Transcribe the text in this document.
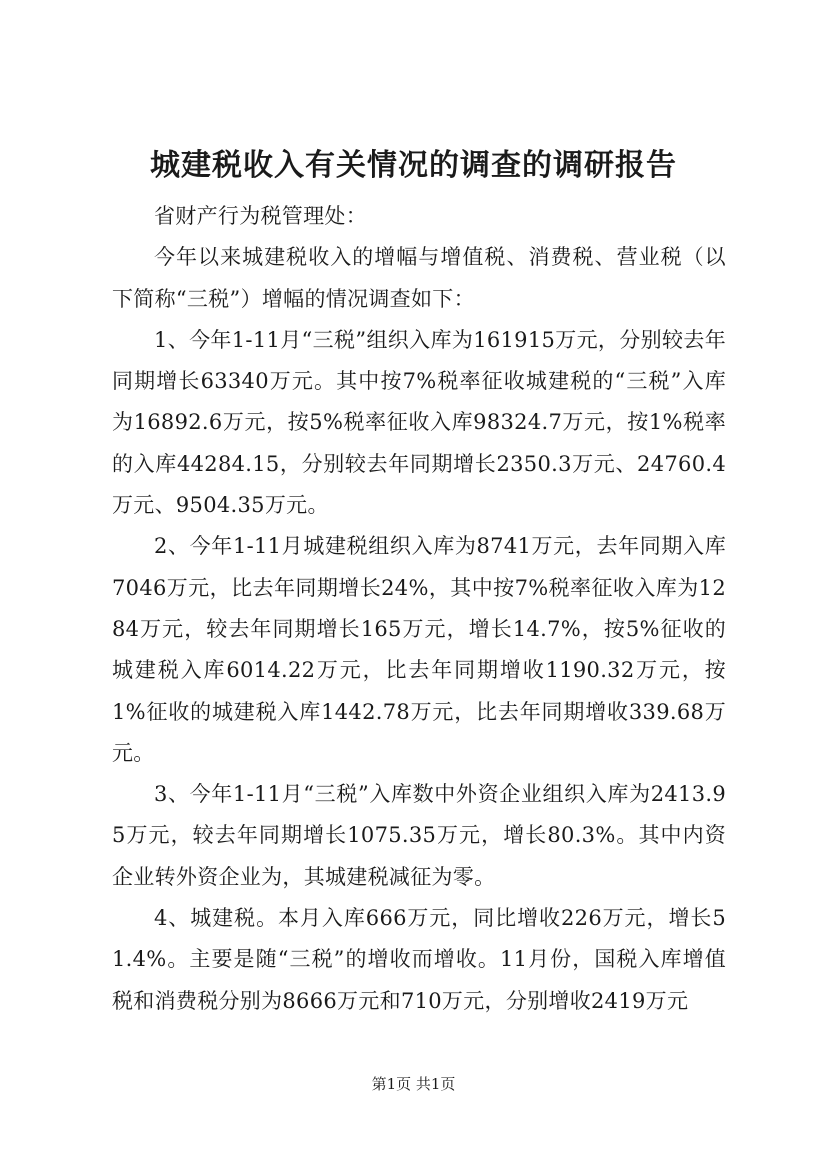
城建税收入有关情况的调查的调研报告

省财产行为税管理处：

今年以来城建税收入的增幅与增值税、消费税、营业税（以下简称“三税”）增幅的情况调查如下：

1、今年1-11月“三税”组织入库为161915万元，分别较去年同期增长63340万元。其中按7%税率征收城建税的“三税”入库为16892.6万元，按5%税率征收入库98324.7万元，按1%税率的入库44284.15，分别较去年同期增长2350.3万元、24760.4万元、9504.35万元。

2、今年1-11月城建税组织入库为8741万元，去年同期入库7046万元，比去年同期增长24%，其中按7%税率征收入库为1284万元，较去年同期增长165万元，增长14.7%，按5%征收的城建税入库6014.22万元，比去年同期增收1190.32万元，按1%征收的城建税入库1442.78万元，比去年同期增收339.68万元。

3、今年1-11月“三税”入库数中外资企业组织入库为2413.95万元，较去年同期增长1075.35万元，增长80.3%。其中内资企业转外资企业为，其城建税减征为零。

4、城建税。本月入库666万元，同比增收226万元，增长51.4%。主要是随“三税”的增收而增收。11月份，国税入库增值税和消费税分别为8666万元和710万元，分别增收2419万元

第1页 共1页
